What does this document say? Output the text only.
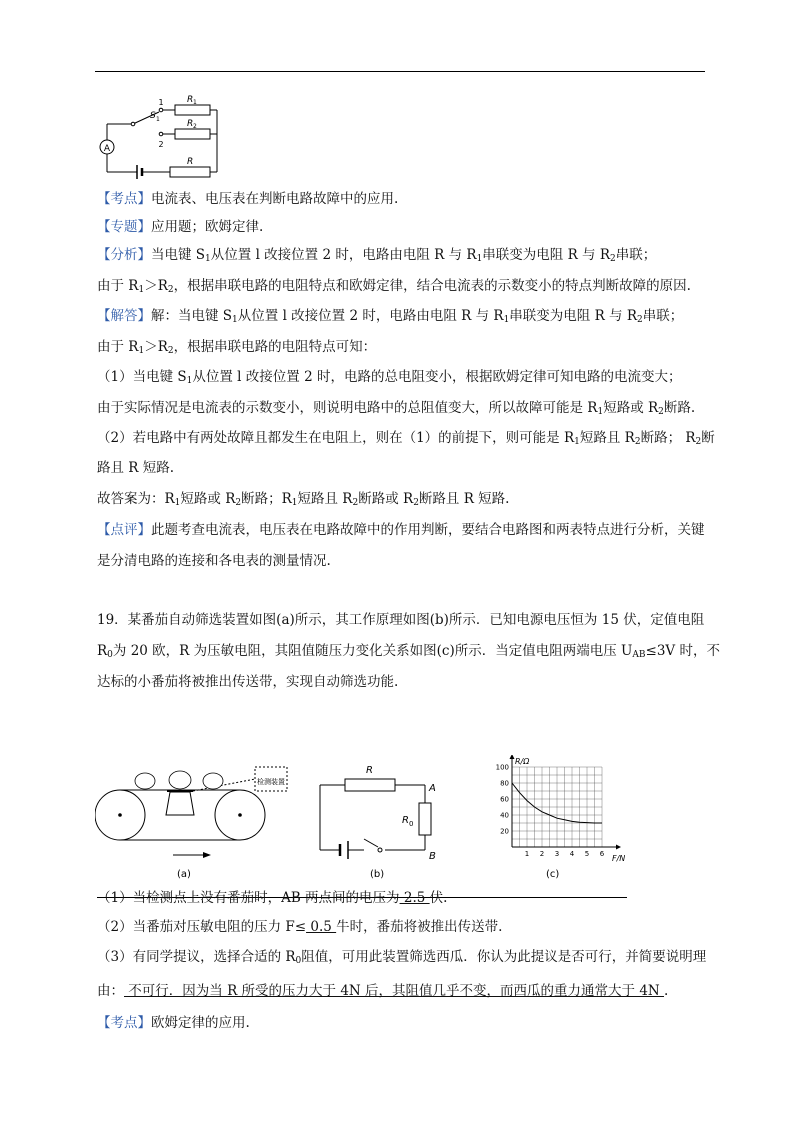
A
S 1
1
2
R 1
R 2
R
【考点】电流表、电压表在判断电路故障中的应用.
【专题】应用题；欧姆定律.
【分析】当电键 $S_1$从位置 l 改接位置 2 时，电路由电阻 R 与 $R_1$串联变为电阻 R 与 $R_2$串联；
由于 $R_1>R_2$，根据串联电路的电阻特点和欧姆定律，结合电流表的示数变小的特点判断故障的原因.
【解答】解：当电键 $S_1$从位置 l 改接位置 2 时，电路由电阻 R 与 $R_1$串联变为电阻 R 与 $R_2$串联；
由于 $R_1>R_2$，根据串联电路的电阻特点可知：
（1）当电键 $S_1$从位置 l 改接位置 2 时，电路的总电阻变小，根据欧姆定律可知电路的电流变大；
由于实际情况是电流表的示数变小，则说明电路中的总阻值变大，所以故障可能是 $R_1$短路或 $R_2$断路.
（2）若电路中有两处故障且都发生在电阻上，则在（1）的前提下，则可能是 $R_1$短路且 $R_2$断路； $R_2$断
路且 R 短路.
故答案为：$R_1$短路或 $R_2$断路；$R_1$短路且 $R_2$断路或 $R_2$断路且 R 短路.
【点评】此题考查电流表，电压表在电路故障中的作用判断，要结合电路图和两表特点进行分析，关键
是分清电路的连接和各电表的测量情况.
19．某番茄自动筛选装置如图(a)所示，其工作原理如图(b)所示．已知电源电压恒为 15 伏，定值电阻
$R_0$为 20 欧，R 为压敏电阻，其阻值随压力变化关系如图(c)所示．当定值电阻两端电压 $U_{AB}\le 3V$ 时，不
达标的小番茄将被推出传送带，实现自动筛选功能.
检测装置
(a)
R
A
R 0
B
(b)
1 2 3 4 5 6
20
40
60
80
100
R/Ω
F/N
(c)
（1）当检测点上没有番茄时，AB 两点间的电压为 2.5 伏.
（2）当番茄对压敏电阻的压力 F≤ 0.5 牛时，番茄将被推出传送带.
（3）有同学提议，选择合适的 $R_0$阻值，可用此装置筛选西瓜．你认为此提议是否可行，并简要说明理
由： 不可行．因为当 R 所受的压力大于 4N 后，其阻值几乎不变，而西瓜的重力通常大于 4N .
【考点】欧姆定律的应用.
